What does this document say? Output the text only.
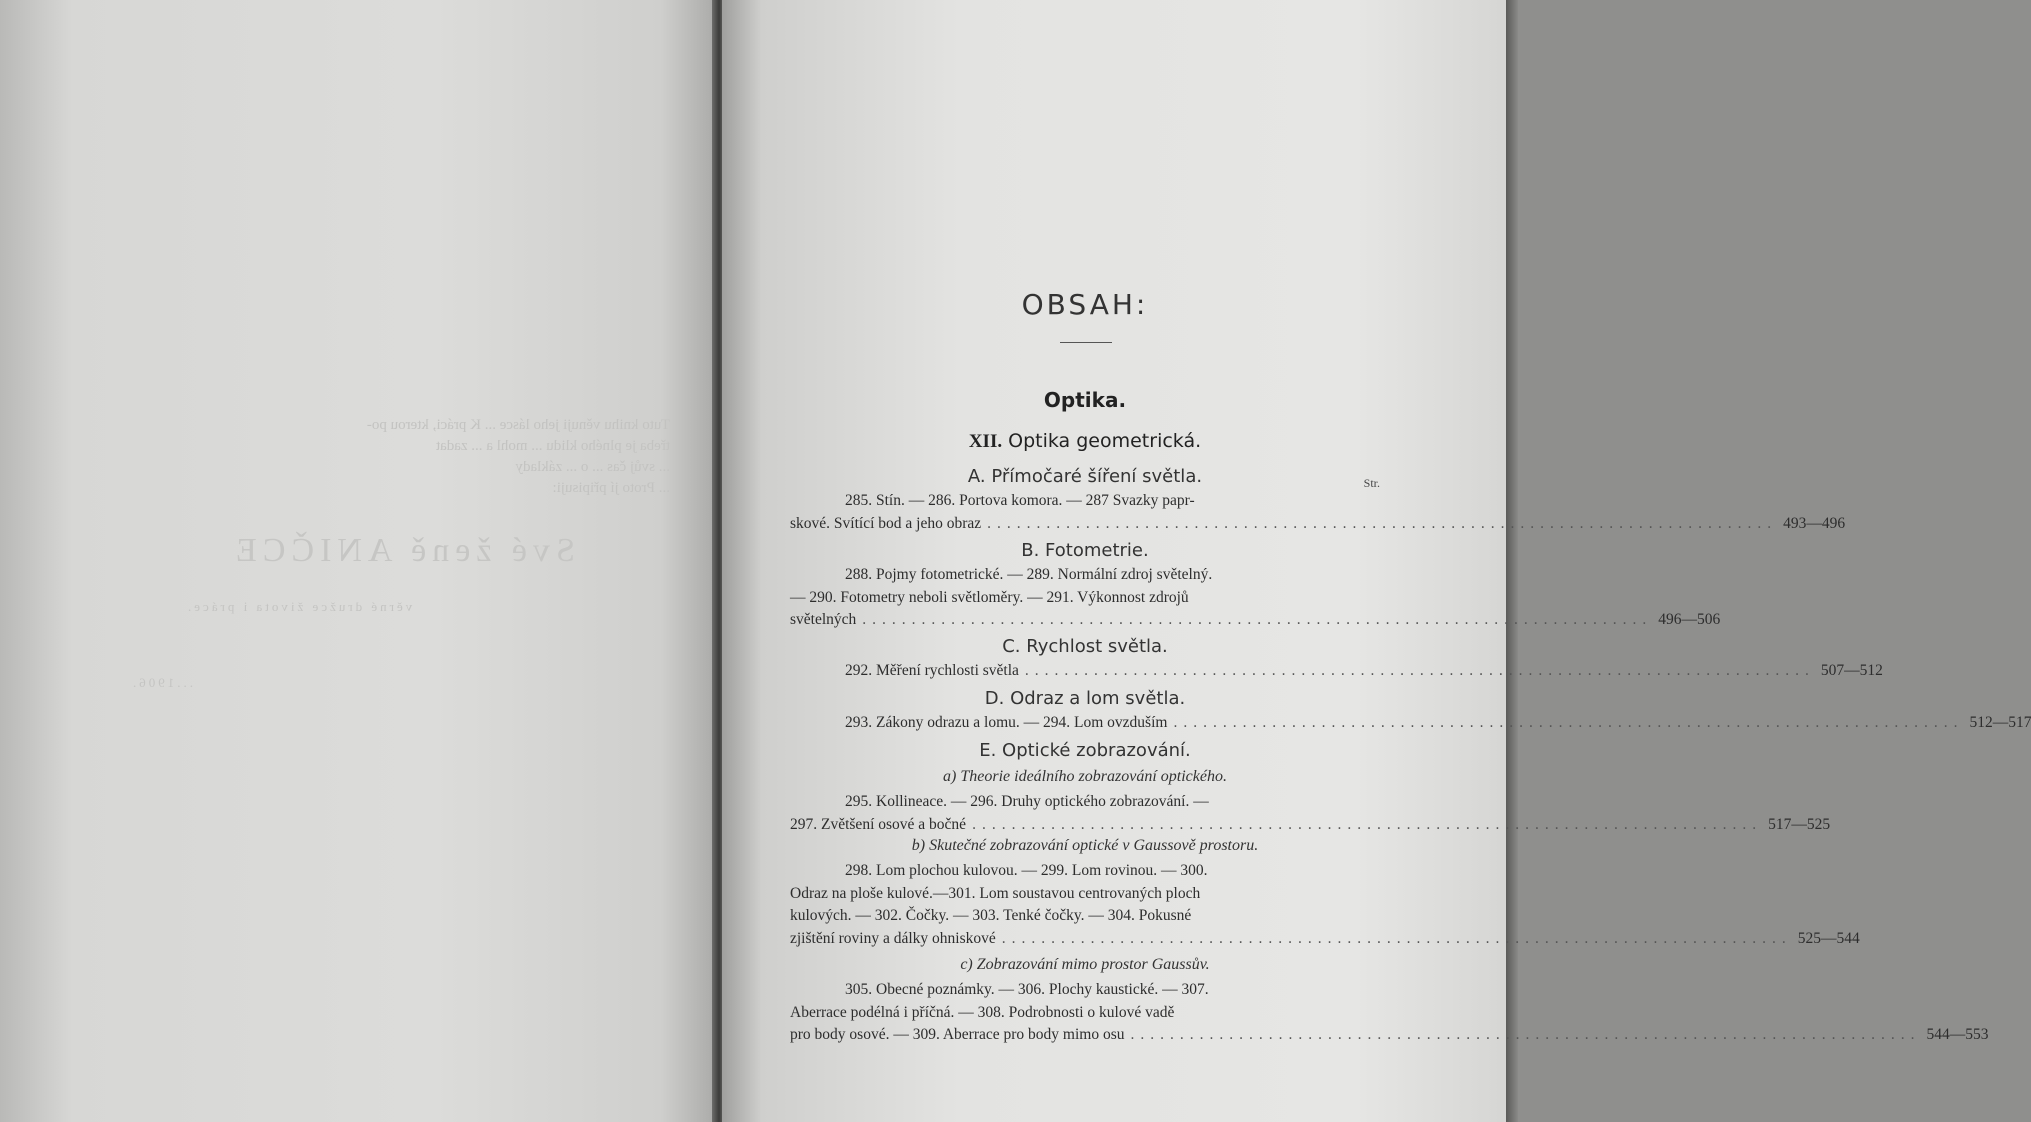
Tuto knihu věnuji jeho lásce ... K práci, kterou po-
třeba je plného klidu ... mohl a ... zadat
... svůj čas ... o ... základy
... Proto jí připisuji:
Své ženě ANIČCE
věrné družce života i práce.
...1906.
OBSAH:
Optika.
XII. Optika geometrická.
A. Přímočaré šíření světla.	Str.
285. Stín. — 286. Portova komora. — 287 Svazky papr-
skové. Svítící bod a jeho obraz ................................................................................ 493—496
B. Fotometrie.
288. Pojmy fotometrické. — 289. Normální zdroj světelný.
— 290. Fotometry neboli světloměry. — 291. Výkonnost zdrojů
světelných ................................................................................ 496—506
C. Rychlost světla.
292. Měření rychlosti světla ................................................................................ 507—512
D. Odraz a lom světla.
293. Zákony odrazu a lomu. — 294. Lom ovzduším ................................................................................ 512—517
E. Optické zobrazování.
a) Theorie ideálního zobrazování optického.
295. Kollineace. — 296. Druhy optického zobrazování. —
297. Zvětšení osové a bočné ................................................................................ 517—525
b) Skutečné zobrazování optické v Gaussově prostoru.
298. Lom plochou kulovou. — 299. Lom rovinou. — 300.
Odraz na ploše kulové.—301. Lom soustavou centrovaných ploch
kulových. — 302. Čočky. — 303. Tenké čočky. — 304. Pokusné
zjištění roviny a dálky ohniskové ................................................................................ 525—544
c) Zobrazování mimo prostor Gaussův.
305. Obecné poznámky. — 306. Plochy kaustické. — 307.
Aberrace podélná i příčná. — 308. Podrobnosti o kulové vadě
pro body osové. — 309. Aberrace pro body mimo osu ................................................................................ 544—553
